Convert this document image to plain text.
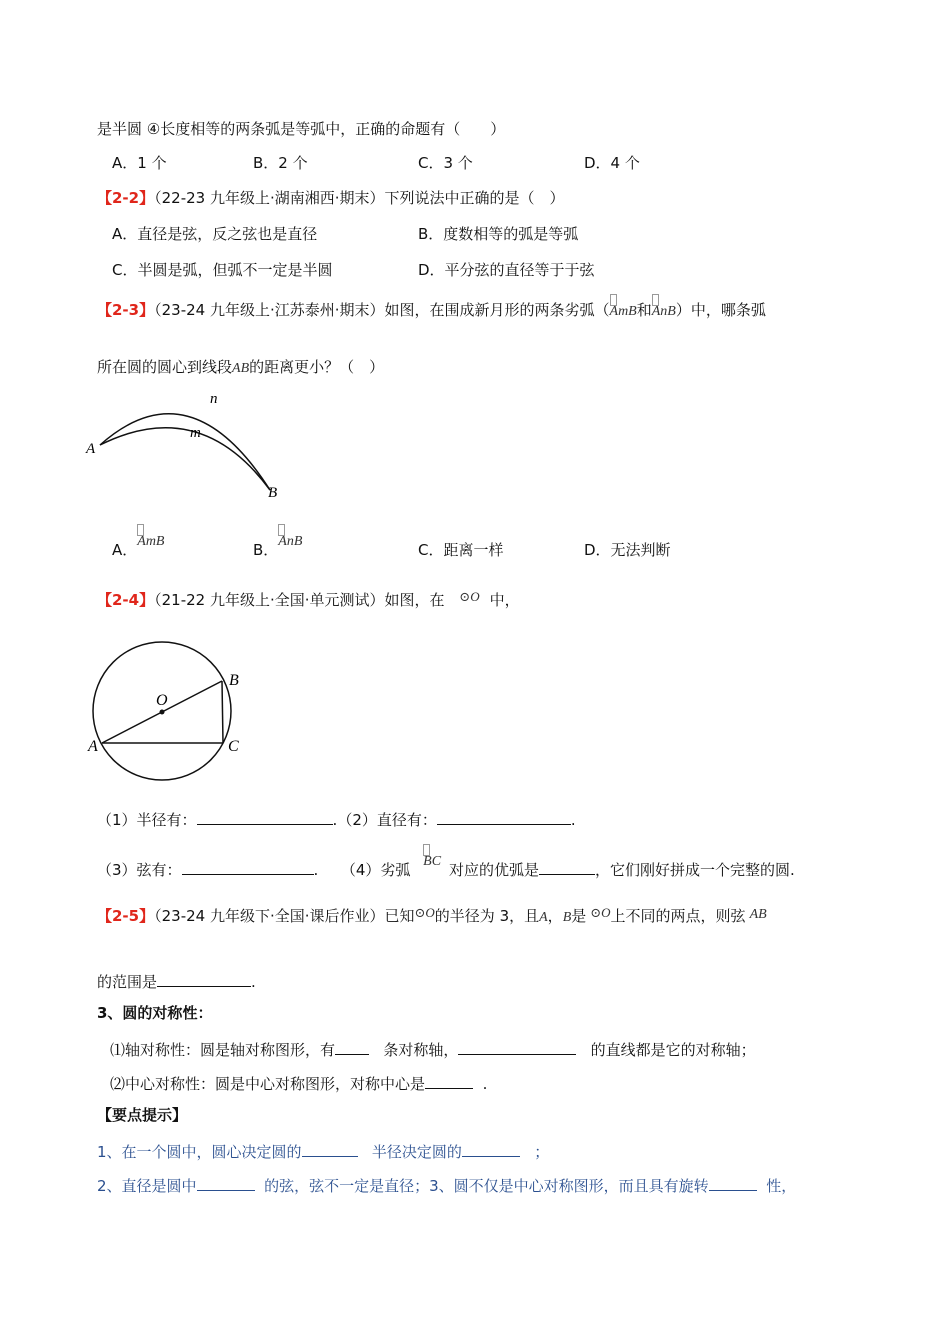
是半圆 ④长度相等的两条弧是等弧中，正确的命题有（　　）
A．1 个	B．2 个	C．3 个	D．4 个
【2-2】（22-23 九年级上·湖南湘西·期末）下列说法中正确的是（　）
A．直径是弦，反之弦也是直径	B．度数相等的弧是等弧
C．半圆是弧，但弧不一定是半圆	D．平分弦的直径等于于弦
【2-3】（23-24 九年级上·江苏泰州·期末）如图，在围成新月形的两条劣弧（AmB和AnB）中，哪条弧
所在圆的圆心到线段AB的距离更小？（　）
n
m
A
B
A．AmB	B．AnB	C．距离一样	D．无法判断
【2-4】（21-22 九年级上·全国·单元测试）如图，在 ⊙O 中，
O
A
B
C
（1）半径有：	.（2）直径有：	.
（3）弦有：	.　　（4）劣弧 BC 对应的优弧是	，它们刚好拼成一个完整的圆.
【2-5】（23-24 九年级下·全国·课后作业）已知⊙O的半径为 3，且A，B是 ⊙O上不同的两点，则弦 AB
的范围是	.
3、圆的对称性：
⑴轴对称性：圆是轴对称图形，有	条对称轴，	的直线都是它的对称轴；
⑵中心对称性：圆是中心对称图形，对称中心是	.
【要点提示】
1、在一个圆中，圆心决定圆的	半径决定圆的	；
2、直径是圆中	的弦，弦不一定是直径；3、圆不仅是中心对称图形，而且具有旋转	性，
